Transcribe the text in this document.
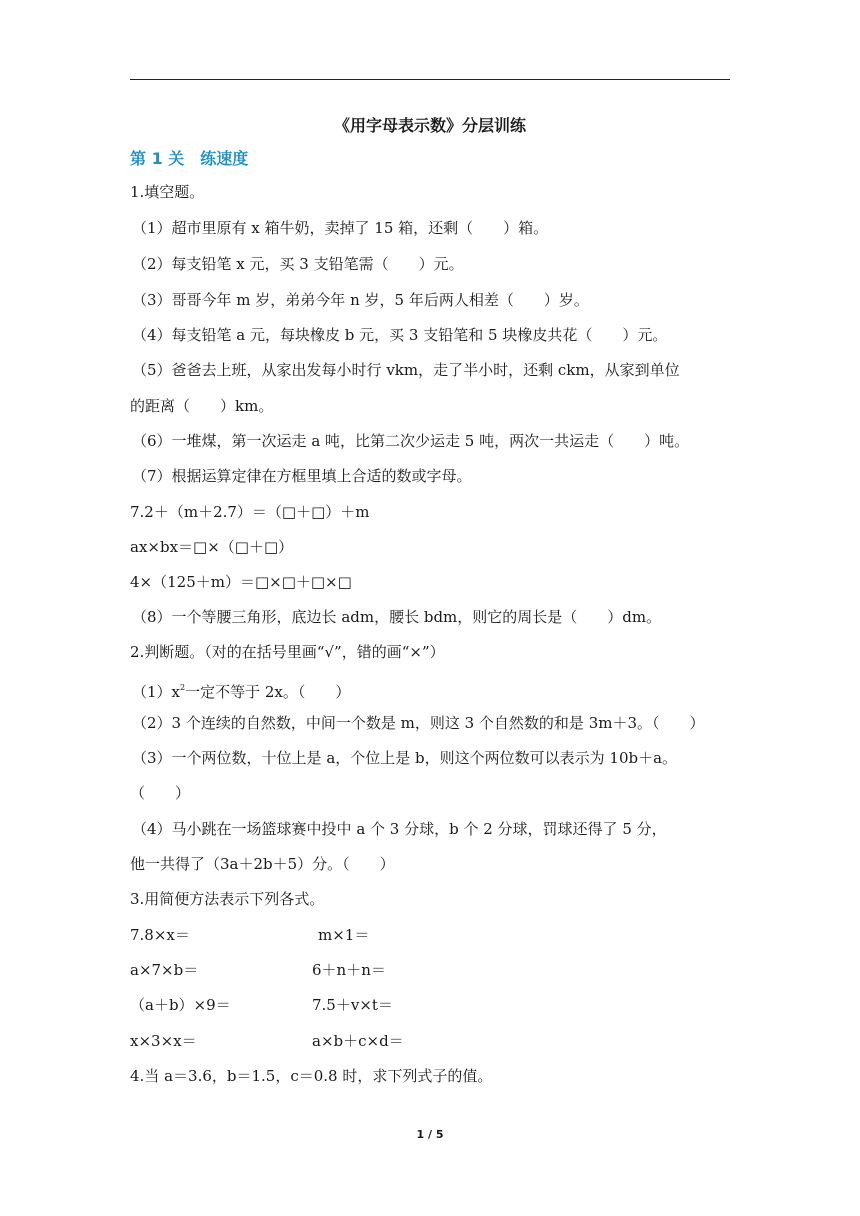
《用字母表示数》分层训练
第 1 关　练速度
1.填空题。
（1）超市里原有 x 箱牛奶，卖掉了 15 箱，还剩（　　）箱。
（2）每支铅笔 x 元，买 3 支铅笔需（　　）元。
（3）哥哥今年 m 岁，弟弟今年 n 岁，5 年后两人相差（　　）岁。
（4）每支铅笔 a 元，每块橡皮 b 元，买 3 支铅笔和 5 块橡皮共花（　　）元。
（5）爸爸去上班，从家出发每小时行 vkm，走了半小时，还剩 ckm，从家到单位
的距离（　　）km。
（6）一堆煤，第一次运走 a 吨，比第二次少运走 5 吨，两次一共运走（　　）吨。
（7）根据运算定律在方框里填上合适的数或字母。
7.2＋（m＋2.7）＝（□＋□）＋m
ax×bx＝□×（□＋□）
4×（125＋m）＝□×□＋□×□
（8）一个等腰三角形，底边长 adm，腰长 bdm，则它的周长是（　　）dm。
2.判断题。（对的在括号里画“√”，错的画“×”）
$(1)x^2$一定不等于 2x。（　　）
（2）3 个连续的自然数，中间一个数是 m，则这 3 个自然数的和是 3m＋3。（　　）
（3）一个两位数，十位上是 a，个位上是 b，则这个两位数可以表示为 10b＋a。
（　　）
（4）马小跳在一场篮球赛中投中 a 个 3 分球，b 个 2 分球，罚球还得了 5 分，
他一共得了（3a＋2b＋5）分。（　　）
3.用简便方法表示下列各式。
7.8×x＝	m×1＝
a×7×b＝	6＋n＋n＝
（a＋b）×9＝	7.5＋v×t＝
x×3×x＝	a×b＋c×d＝
4.当 a＝3.6，b＝1.5，c＝0.8 时，求下列式子的值。
1 / 5
